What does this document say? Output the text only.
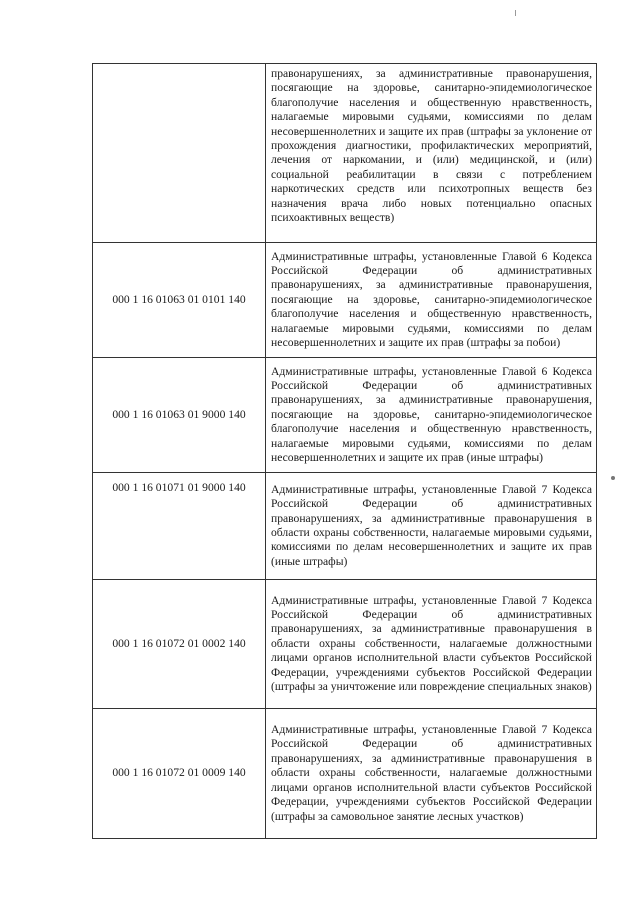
	правонарушениях, за административные правонарушения, посягающие на здоровье, санитарно-эпидемиологическое благополучие населения и общественную нравственность, налагаемые мировыми судьями, комиссиями по делам несовершеннолетних и защите их прав (штрафы за уклонение от прохождения диагностики, профилактических мероприятий, лечения от наркомании, и (или) медицинской, и (или) социальной реабилитации в связи с потреблением наркотических средств или психотропных веществ без назначения врача либо новых потенциально опасных психоактивных веществ)
000 1 16 01063 01 0101 140	Административные штрафы, установленные Главой 6 Кодекса Российской Федерации об административных правонарушениях, за административные правонарушения, посягающие на здоровье, санитарно-эпидемиологическое благополучие населения и общественную нравственность, налагаемые мировыми судьями, комиссиями по делам несовершеннолетних и защите их прав (штрафы за побои)
000 1 16 01063 01 9000 140	Административные штрафы, установленные Главой 6 Кодекса Российской Федерации об административных правонарушениях, за административные правонарушения, посягающие на здоровье, санитарно-эпидемиологическое благополучие населения и общественную нравственность, налагаемые мировыми судьями, комиссиями по делам несовершеннолетних и защите их прав (иные штрафы)
000 1 16 01071 01 9000 140	Административные штрафы, установленные Главой 7 Кодекса Российской Федерации об административных правонарушениях, за административные правонарушения в области охраны собственности, налагаемые мировыми судьями, комиссиями по делам несовершеннолетних и защите их прав (иные штрафы)
000 1 16 01072 01 0002 140	Административные штрафы, установленные Главой 7 Кодекса Российской Федерации об административных правонарушениях, за административные правонарушения в области охраны собственности, налагаемые должностными лицами органов исполнительной власти субъектов Российской Федерации, учреждениями субъектов Российской Федерации (штрафы за уничтожение или повреждение специальных знаков)
000 1 16 01072 01 0009 140	Административные штрафы, установленные Главой 7 Кодекса Российской Федерации об административных правонарушениях, за административные правонарушения в области охраны собственности, налагаемые должностными лицами органов исполнительной власти субъектов Российской Федерации, учреждениями субъектов Российской Федерации (штрафы за самовольное занятие лесных участков)
